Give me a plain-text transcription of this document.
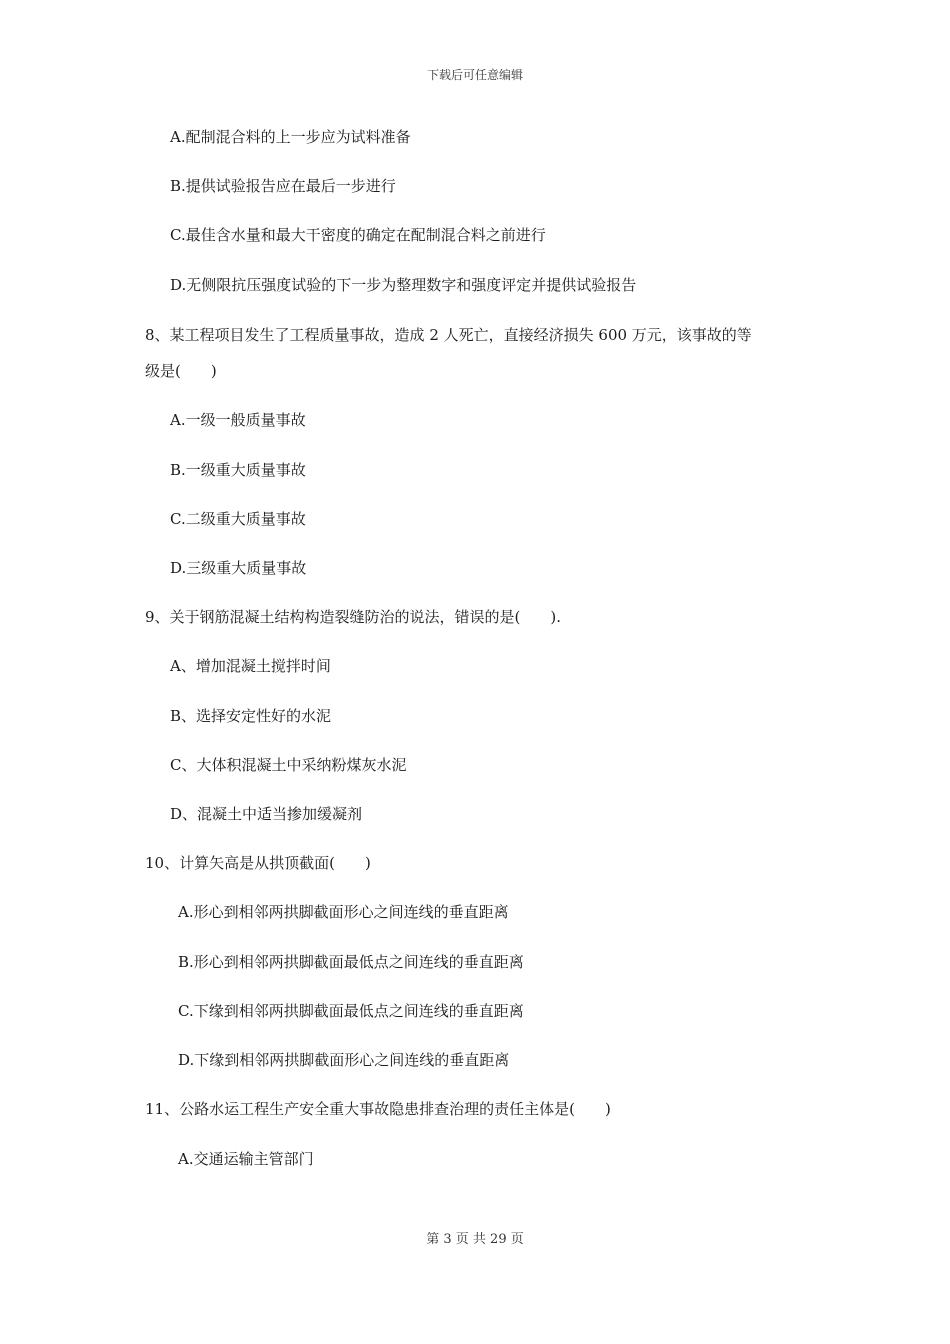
下载后可任意编辑
A.配制混合料的上一步应为试料准备
B.提供试验报告应在最后一步进行
C.最佳含水量和最大干密度的确定在配制混合料之前进行
D.无侧限抗压强度试验的下一步为整理数字和强度评定并提供试验报告
8、某工程项目发生了工程质量事故，造成 2 人死亡，直接经济损失 600 万元，该事故的等
级是(　　)
A.一级一般质量事故
B.一级重大质量事故
C.二级重大质量事故
D.三级重大质量事故
9、关于钢筋混凝土结构构造裂缝防治的说法，错误的是(　　).
A、增加混凝土搅拌时间
B、选择安定性好的水泥
C、大体积混凝土中采纳粉煤灰水泥
D、混凝土中适当掺加缓凝剂
10、计算矢高是从拱顶截面(　　)
A.形心到相邻两拱脚截面形心之间连线的垂直距离
B.形心到相邻两拱脚截面最低点之间连线的垂直距离
C.下缘到相邻两拱脚截面最低点之间连线的垂直距离
D.下缘到相邻两拱脚截面形心之间连线的垂直距离
11、公路水运工程生产安全重大事故隐患排查治理的责任主体是(　　)
A.交通运输主管部门
第 3 页 共 29 页
